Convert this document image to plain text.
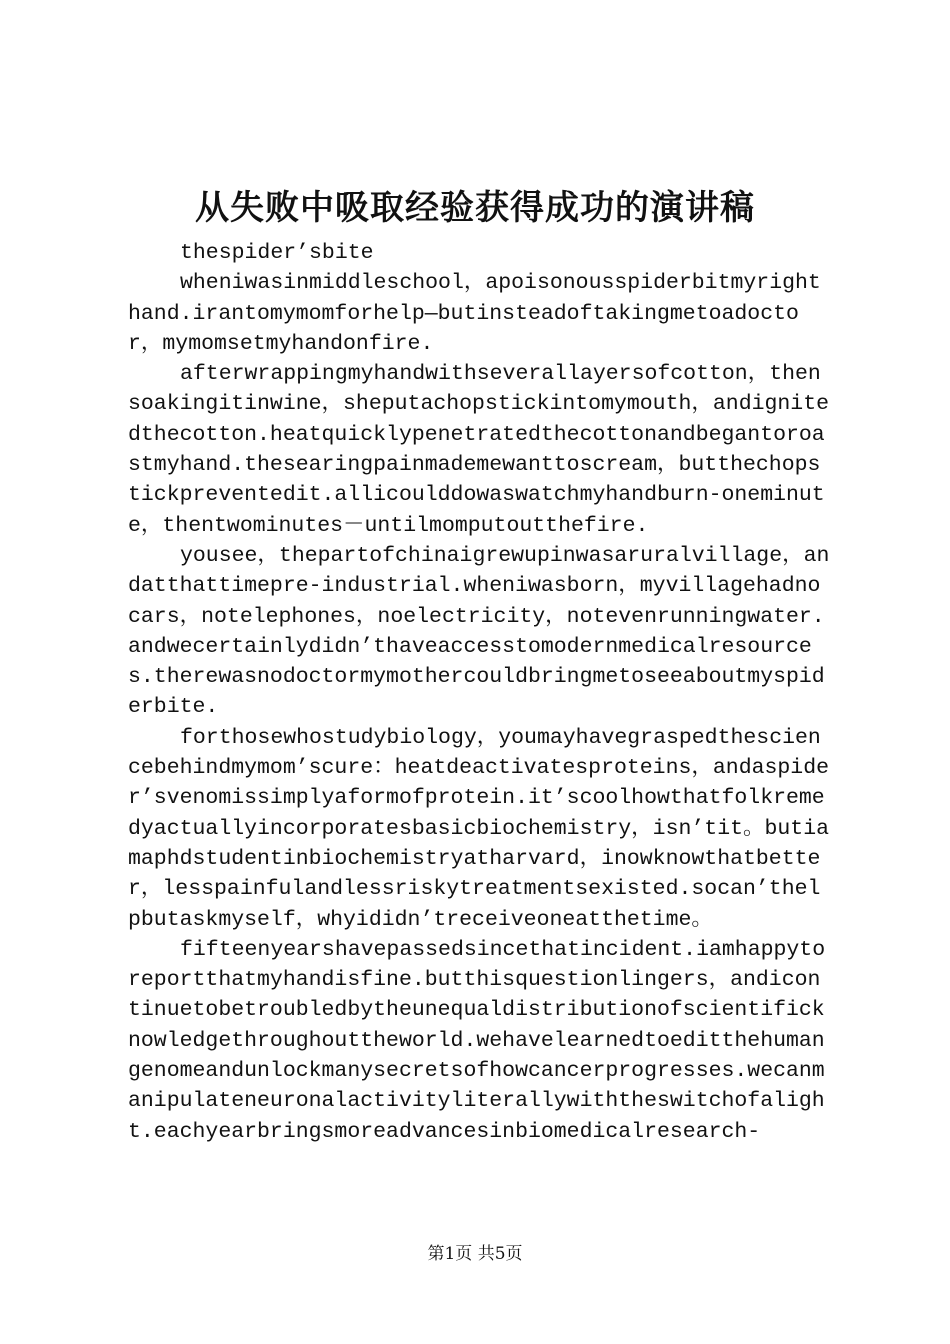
从失败中吸取经验获得成功的演讲稿

thespider’sbite

wheniwasinmiddleschool，apoisonousspiderbitmyrighthand.irantomymomforhelp—butinsteadoftakingmetoadoctor，mymomsetmyhandonfire.

afterwrappingmyhandwithseverallayersofcotton，thensoakingitinwine，sheputachopstickintomymouth，andignitedthecotton.heatquicklypenetratedthecottonandbegantoroastmyhand.thesearingpainmademewanttoscream，butthechopstickpreventedit.allicoulddowaswatchmyhandburn-oneminute，thentwominutes－untilmomputoutthefire.

yousee，thepartofchinaigrewupinwasaruralvillage，andatthattimepre-industrial.wheniwasborn，myvillagehadnocars，notelephones，noelectricity，notevenrunningwater.andwecertainlydidn’thaveaccesstomodernmedicalresources.therewasnodoctormymothercouldbringmetoseeaboutmyspiderbite.

forthosewhostudybiology，youmayhavegraspedthesciencebehindmymom’scure：heatdeactivatesproteins，andaspider’svenomissimplyaformofprotein.it’scoolhowthatfolkremedyactuallyincorporatesbasicbiochemistry，isn’tit。butiamaphdstudentinbiochemistryatharvard，inowknowthatbetter，lesspainfulandlessriskytreatmentsexisted.socan’thelpbutaskmyself，whyididn’treceiveoneatthetime。

fifteenyearshavepassedsincethatincident.iamhappytoreportthatmyhandisfine.butthisquestionlingers，andicontinuetobetroubledbytheunequaldistributionofscientificknowledgethroughouttheworld.wehavelearnedtoeditthehumangenomeandunlockmanysecretsofhowcancerprogresses.wecanmanipulateneuronalactivityliterallywiththeswitchofalight.eachyearbringsmoreadvancesinbiomedicalresearch-

第1页 共5页
